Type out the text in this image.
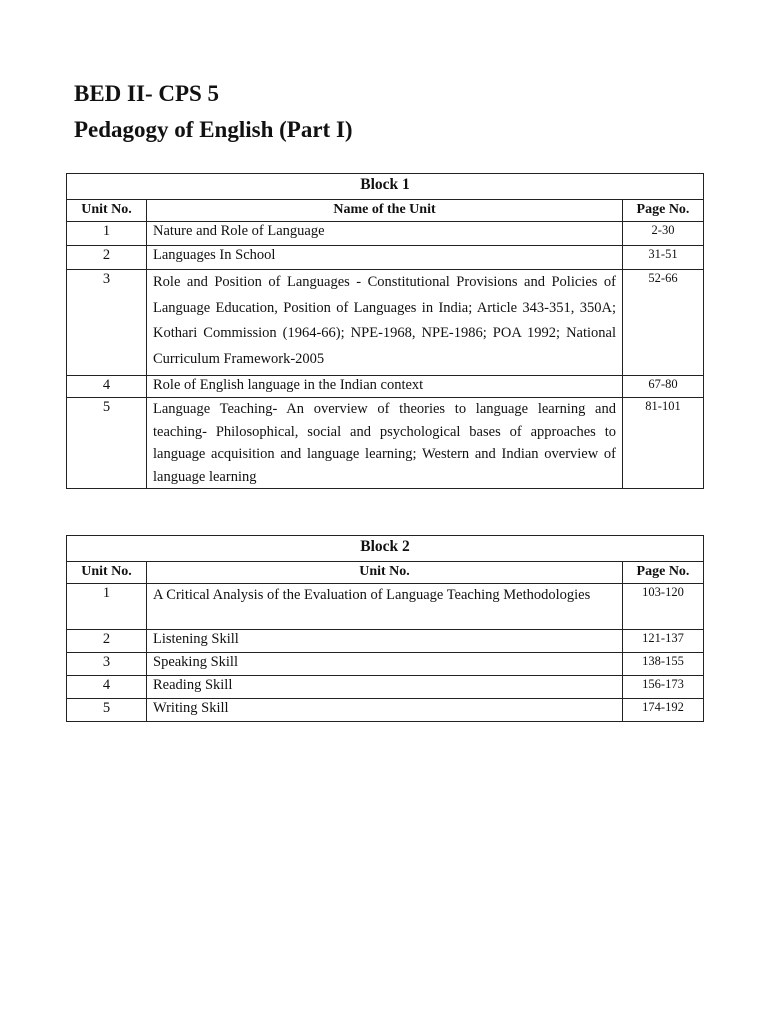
BED II- CPS 5
Pedagogy of English (Part I)
Block 1		
Unit No.	Name of the Unit	Page No.
1	Nature and Role of Language	2-30
2	Languages In School	31-51
3	Role and Position of Languages - Constitutional Provisions and Policies of Language Education, Position of Languages in India; Article 343-351, 350A; Kothari Commission (1964-66); NPE-1968, NPE-1986; POA 1992; National Curriculum Framework-2005	52-66
4	Role of English language in the Indian context	67-80
5	Language Teaching- An overview of theories to language learning and teaching- Philosophical, social and psychological bases of approaches to language acquisition and language learning; Western and Indian overview of language learning	81-101
Block 2		
Unit No.	Unit No.	Page No.
1	A Critical Analysis of the Evaluation of Language Teaching Methodologies	103-120
2	Listening Skill	121-137
3	Speaking Skill	138-155
4	Reading Skill	156-173
5	Writing Skill	174-192
